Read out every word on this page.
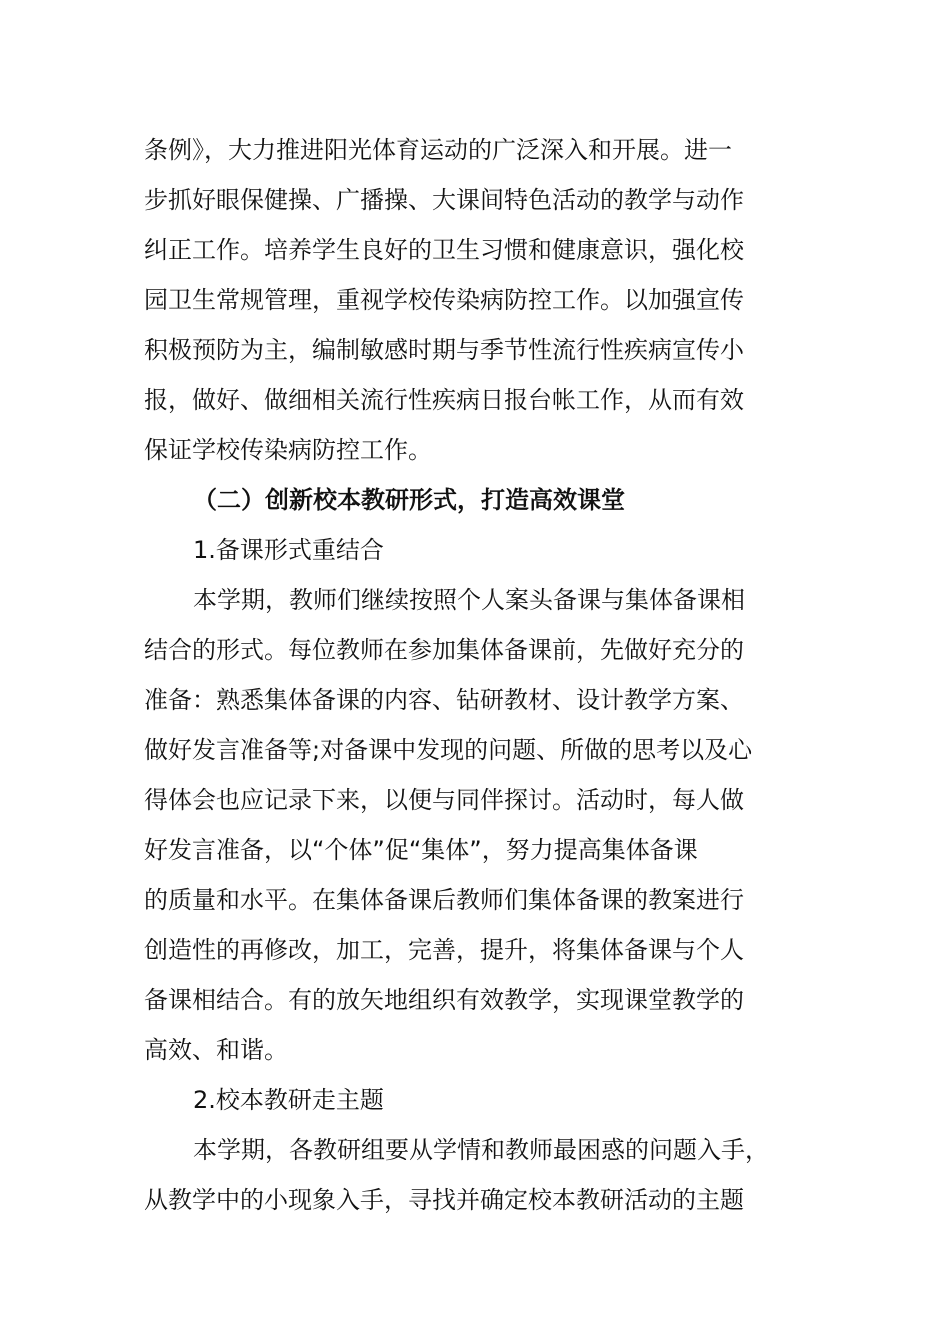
条例》，大力推进阳光体育运动的广泛深入和开展。进一
步抓好眼保健操、广播操、大课间特色活动的教学与动作
纠正工作。培养学生良好的卫生习惯和健康意识，强化校
园卫生常规管理，重视学校传染病防控工作。以加强宣传
积极预防为主，编制敏感时期与季节性流行性疾病宣传小
报，做好、做细相关流行性疾病日报台帐工作，从而有效
保证学校传染病防控工作。
（二）创新校本教研形式，打造高效课堂
1.备课形式重结合
本学期，教师们继续按照个人案头备课与集体备课相
结合的形式。每位教师在参加集体备课前，先做好充分的
准备：熟悉集体备课的内容、钻研教材、设计教学方案、
做好发言准备等;对备课中发现的问题、所做的思考以及心
得体会也应记录下来，以便与同伴探讨。活动时，每人做
好发言准备，以“个体”促“集体”，努力提高集体备课
的质量和水平。在集体备课后教师们集体备课的教案进行
创造性的再修改，加工，完善，提升，将集体备课与个人
备课相结合。有的放矢地组织有效教学，实现课堂教学的
高效、和谐。
2.校本教研走主题
本学期，各教研组要从学情和教师最困惑的问题入手，
从教学中的小现象入手，寻找并确定校本教研活动的主题
